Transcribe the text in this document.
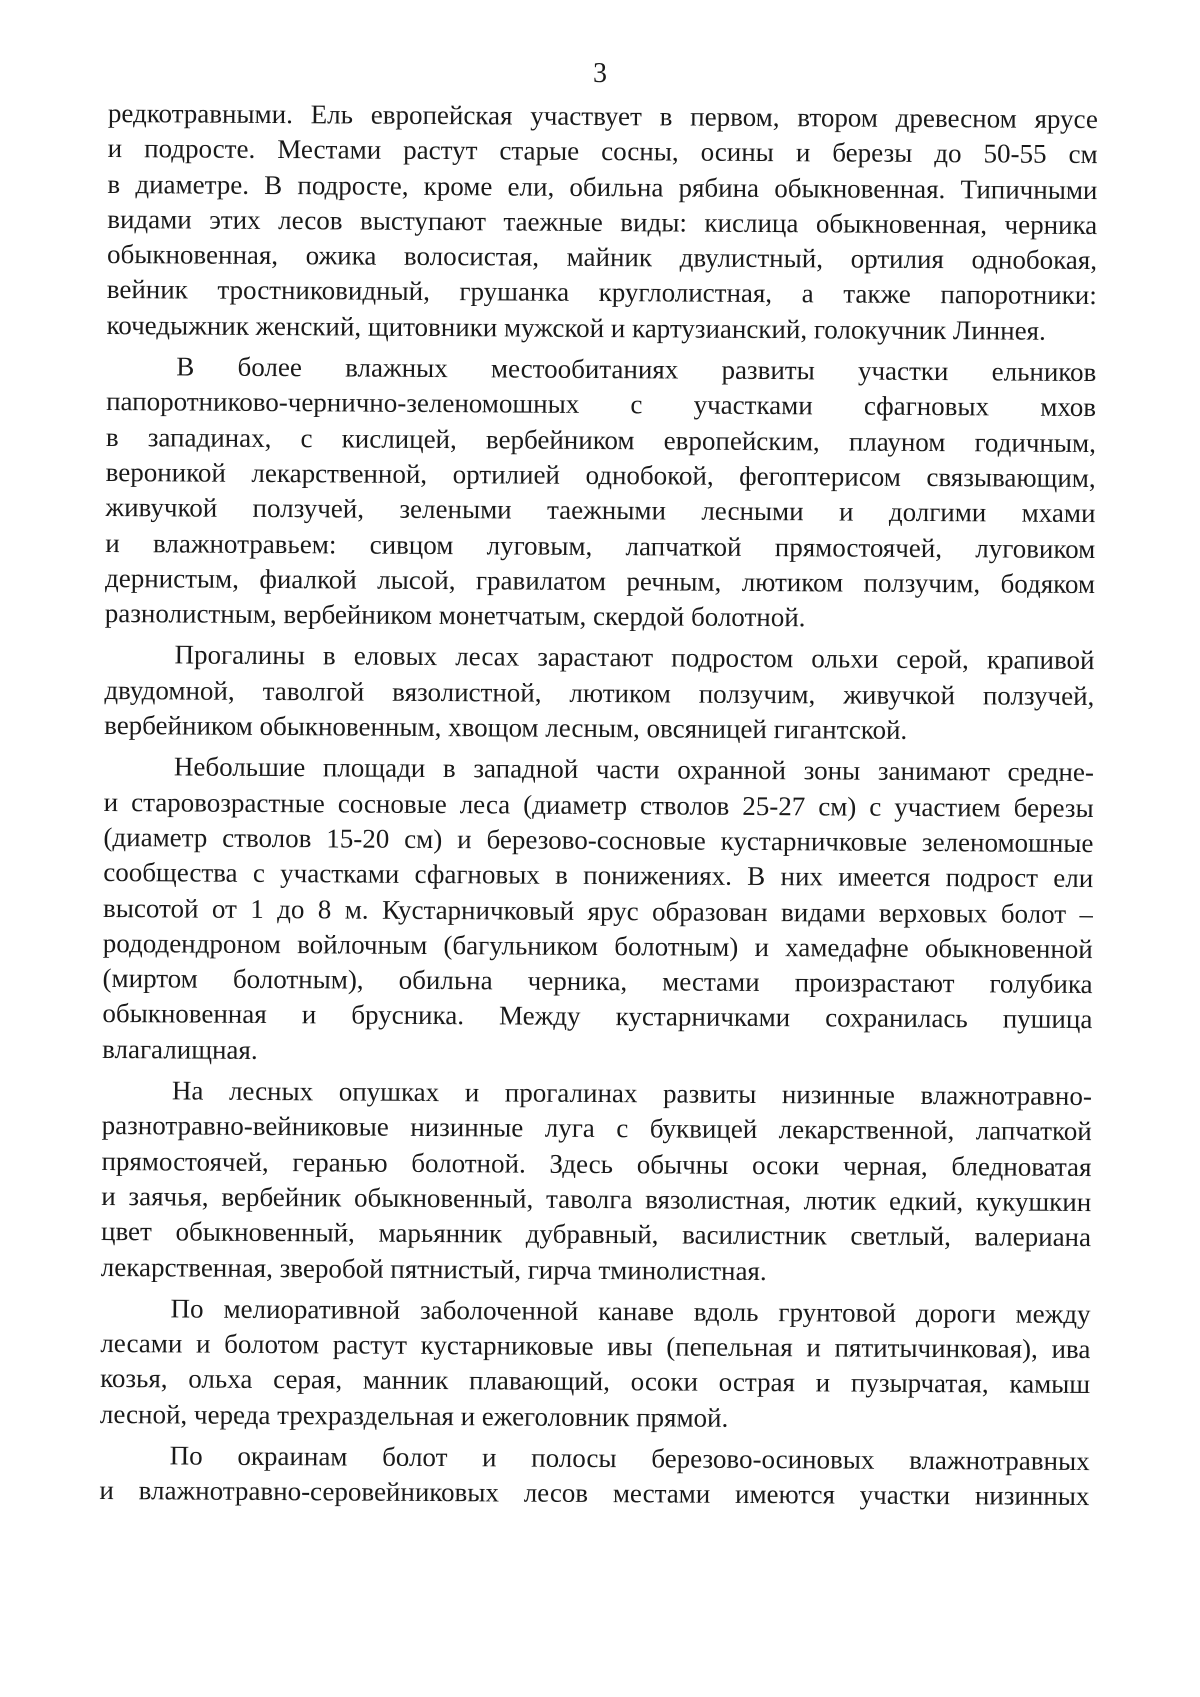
3
редкотравными. Ель европейская участвует в первом, втором древесном ярусе
и подросте. Местами растут старые сосны, осины и березы до 50-55 см
в диаметре. В подросте, кроме ели, обильна рябина обыкновенная. Типичными
видами этих лесов выступают таежные виды: кислица обыкновенная, черника
обыкновенная, ожика волосистая, майник двулистный, ортилия однобокая,
вейник тростниковидный, грушанка круглолистная, а также папоротники:
кочедыжник женский, щитовники мужской и картузианский, голокучник Линнея.
В более влажных местообитаниях развиты участки ельников
папоротниково-чернично-зеленомошных с участками сфагновых мхов
в западинах, с кислицей, вербейником европейским, плауном годичным,
вероникой лекарственной, ортилией однобокой, фегоптерисом связывающим,
живучкой ползучей, зелеными таежными лесными и долгими мхами
и влажнотравьем: сивцом луговым, лапчаткой прямостоячей, луговиком
дернистым, фиалкой лысой, гравилатом речным, лютиком ползучим, бодяком
разнолистным, вербейником монетчатым, скердой болотной.
Прогалины в еловых лесах зарастают подростом ольхи серой, крапивой
двудомной, таволгой вязолистной, лютиком ползучим, живучкой ползучей,
вербейником обыкновенным, хвощом лесным, овсяницей гигантской.
Небольшие площади в западной части охранной зоны занимают средне-
и старовозрастные сосновые леса (диаметр стволов 25-27 см) с участием березы
(диаметр стволов 15-20 см) и березово-сосновые кустарничковые зеленомошные
сообщества с участками сфагновых в понижениях. В них имеется подрост ели
высотой от 1 до 8 м. Кустарничковый ярус образован видами верховых болот –
рододендроном войлочным (багульником болотным) и хамедафне обыкновенной
(миртом болотным), обильна черника, местами произрастают голубика
обыкновенная и брусника. Между кустарничками сохранилась пушица
влагалищная.
На лесных опушках и прогалинах развиты низинные влажнотравно-
разнотравно-вейниковые низинные луга с буквицей лекарственной, лапчаткой
прямостоячей, геранью болотной. Здесь обычны осоки черная, бледноватая
и заячья, вербейник обыкновенный, таволга вязолистная, лютик едкий, кукушкин
цвет обыкновенный, марьянник дубравный, василистник светлый, валериана
лекарственная, зверобой пятнистый, гирча тминолистная.
По мелиоративной заболоченной канаве вдоль грунтовой дороги между
лесами и болотом растут кустарниковые ивы (пепельная и пятитычинковая), ива
козья, ольха серая, манник плавающий, осоки острая и пузырчатая, камыш
лесной, череда трехраздельная и ежеголовник прямой.
По окраинам болот и полосы березово-осиновых влажнотравных
и влажнотравно-серовейниковых лесов местами имеются участки низинных
